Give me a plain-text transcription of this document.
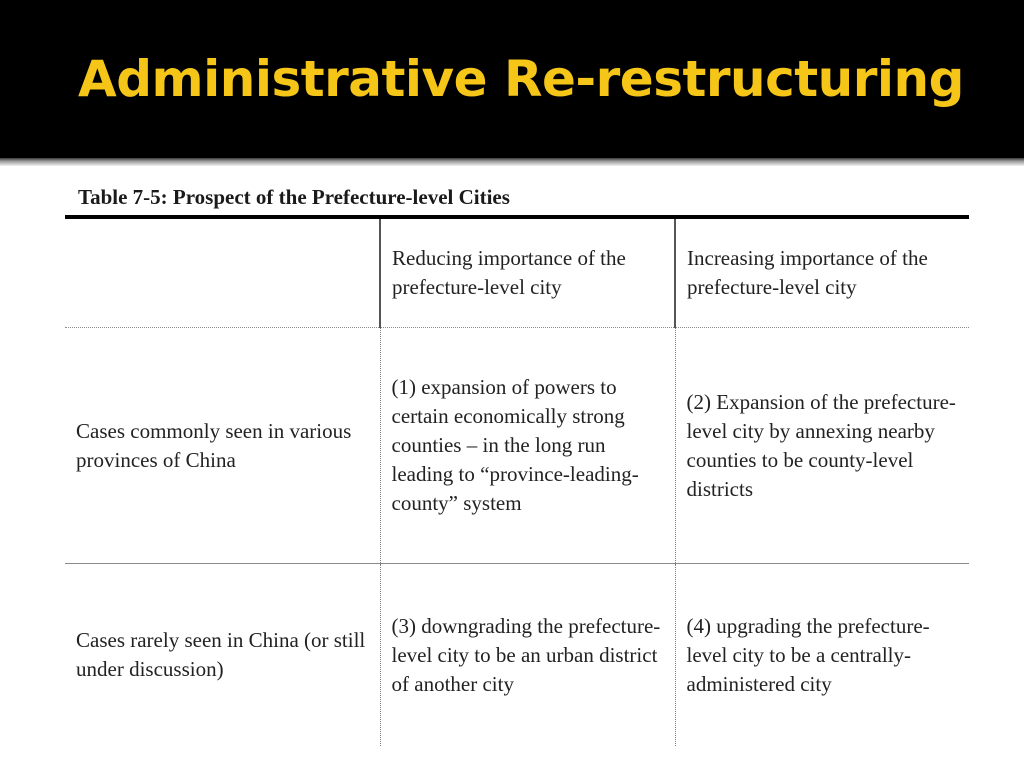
Administrative Re-restructuring
Table 7-5: Prospect of the Prefecture-level Cities

	Reducing importance of the prefecture-level city	Increasing importance of the prefecture-level city

Cases commonly seen in various provinces of China	(1) expansion of powers to certain economically strong counties – in the long run leading to “province-leading-county” system	(2) Expansion of the prefecture-level city by annexing nearby counties to be county-level districts

Cases rarely seen in China (or still under discussion)	(3) downgrading the prefecture-level city to be an urban district of another city	(4) upgrading the prefecture-level city to be a centrally-administered city
